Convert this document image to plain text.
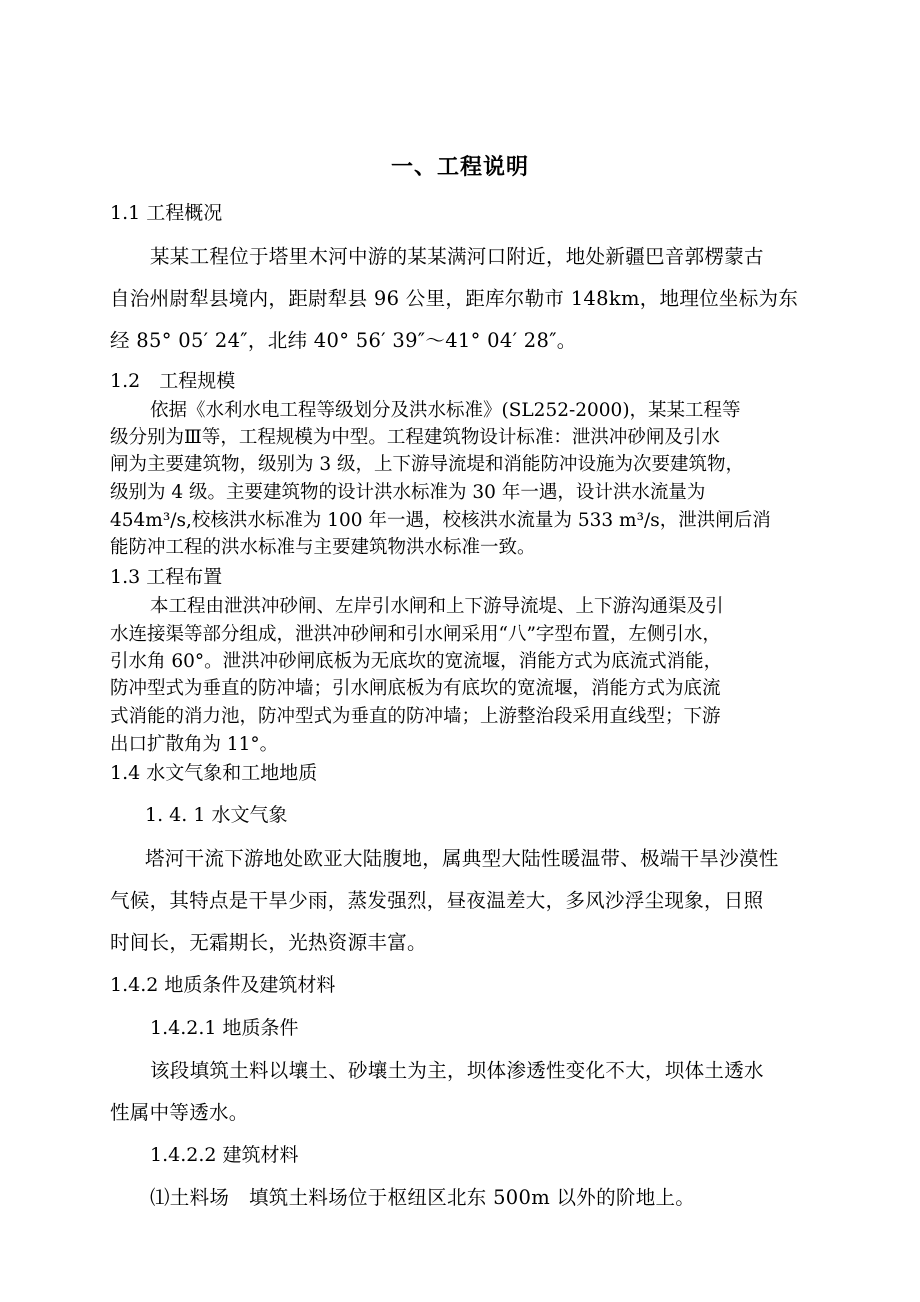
一、工程说明
1.1 工程概况
某某工程位于塔里木河中游的某某满河口附近，地处新疆巴音郭楞蒙古
自治州尉犁县境内，距尉犁县 96 公里，距库尔勒市 148km，地理位坐标为东
经 85° 05′ 24″，北纬 40° 56′ 39″～41° 04′ 28″。
1.2　工程规模
依据《水利水电工程等级划分及洪水标准》(SL252-2000)，某某工程等
级分别为Ⅲ等，工程规模为中型。工程建筑物设计标准：泄洪冲砂闸及引水
闸为主要建筑物，级别为 3 级，上下游导流堤和消能防冲设施为次要建筑物，
级别为 4 级。主要建筑物的设计洪水标准为 30 年一遇，设计洪水流量为
454m³/s,校核洪水标准为 100 年一遇，校核洪水流量为 533 m³/s，泄洪闸后消
能防冲工程的洪水标准与主要建筑物洪水标准一致。
1.3 工程布置
本工程由泄洪冲砂闸、左岸引水闸和上下游导流堤、上下游沟通渠及引
水连接渠等部分组成，泄洪冲砂闸和引水闸采用“八”字型布置，左侧引水，
引水角 60°。泄洪冲砂闸底板为无底坎的宽流堰，消能方式为底流式消能，
防冲型式为垂直的防冲墙；引水闸底板为有底坎的宽流堰，消能方式为底流
式消能的消力池，防冲型式为垂直的防冲墙；上游整治段采用直线型；下游
出口扩散角为 11°。
1.4 水文气象和工地地质
1. 4. 1 水文气象
塔河干流下游地处欧亚大陆腹地，属典型大陆性暖温带、极端干旱沙漠性
气候，其特点是干旱少雨，蒸发强烈，昼夜温差大，多风沙浮尘现象，日照
时间长，无霜期长，光热资源丰富。
1.4.2 地质条件及建筑材料
1.4.2.1 地质条件
该段填筑土料以壤土、砂壤土为主，坝体渗透性变化不大，坝体土透水
性属中等透水。
1.4.2.2 建筑材料
⑴土料场　填筑土料场位于枢纽区北东 500m 以外的阶地上。
